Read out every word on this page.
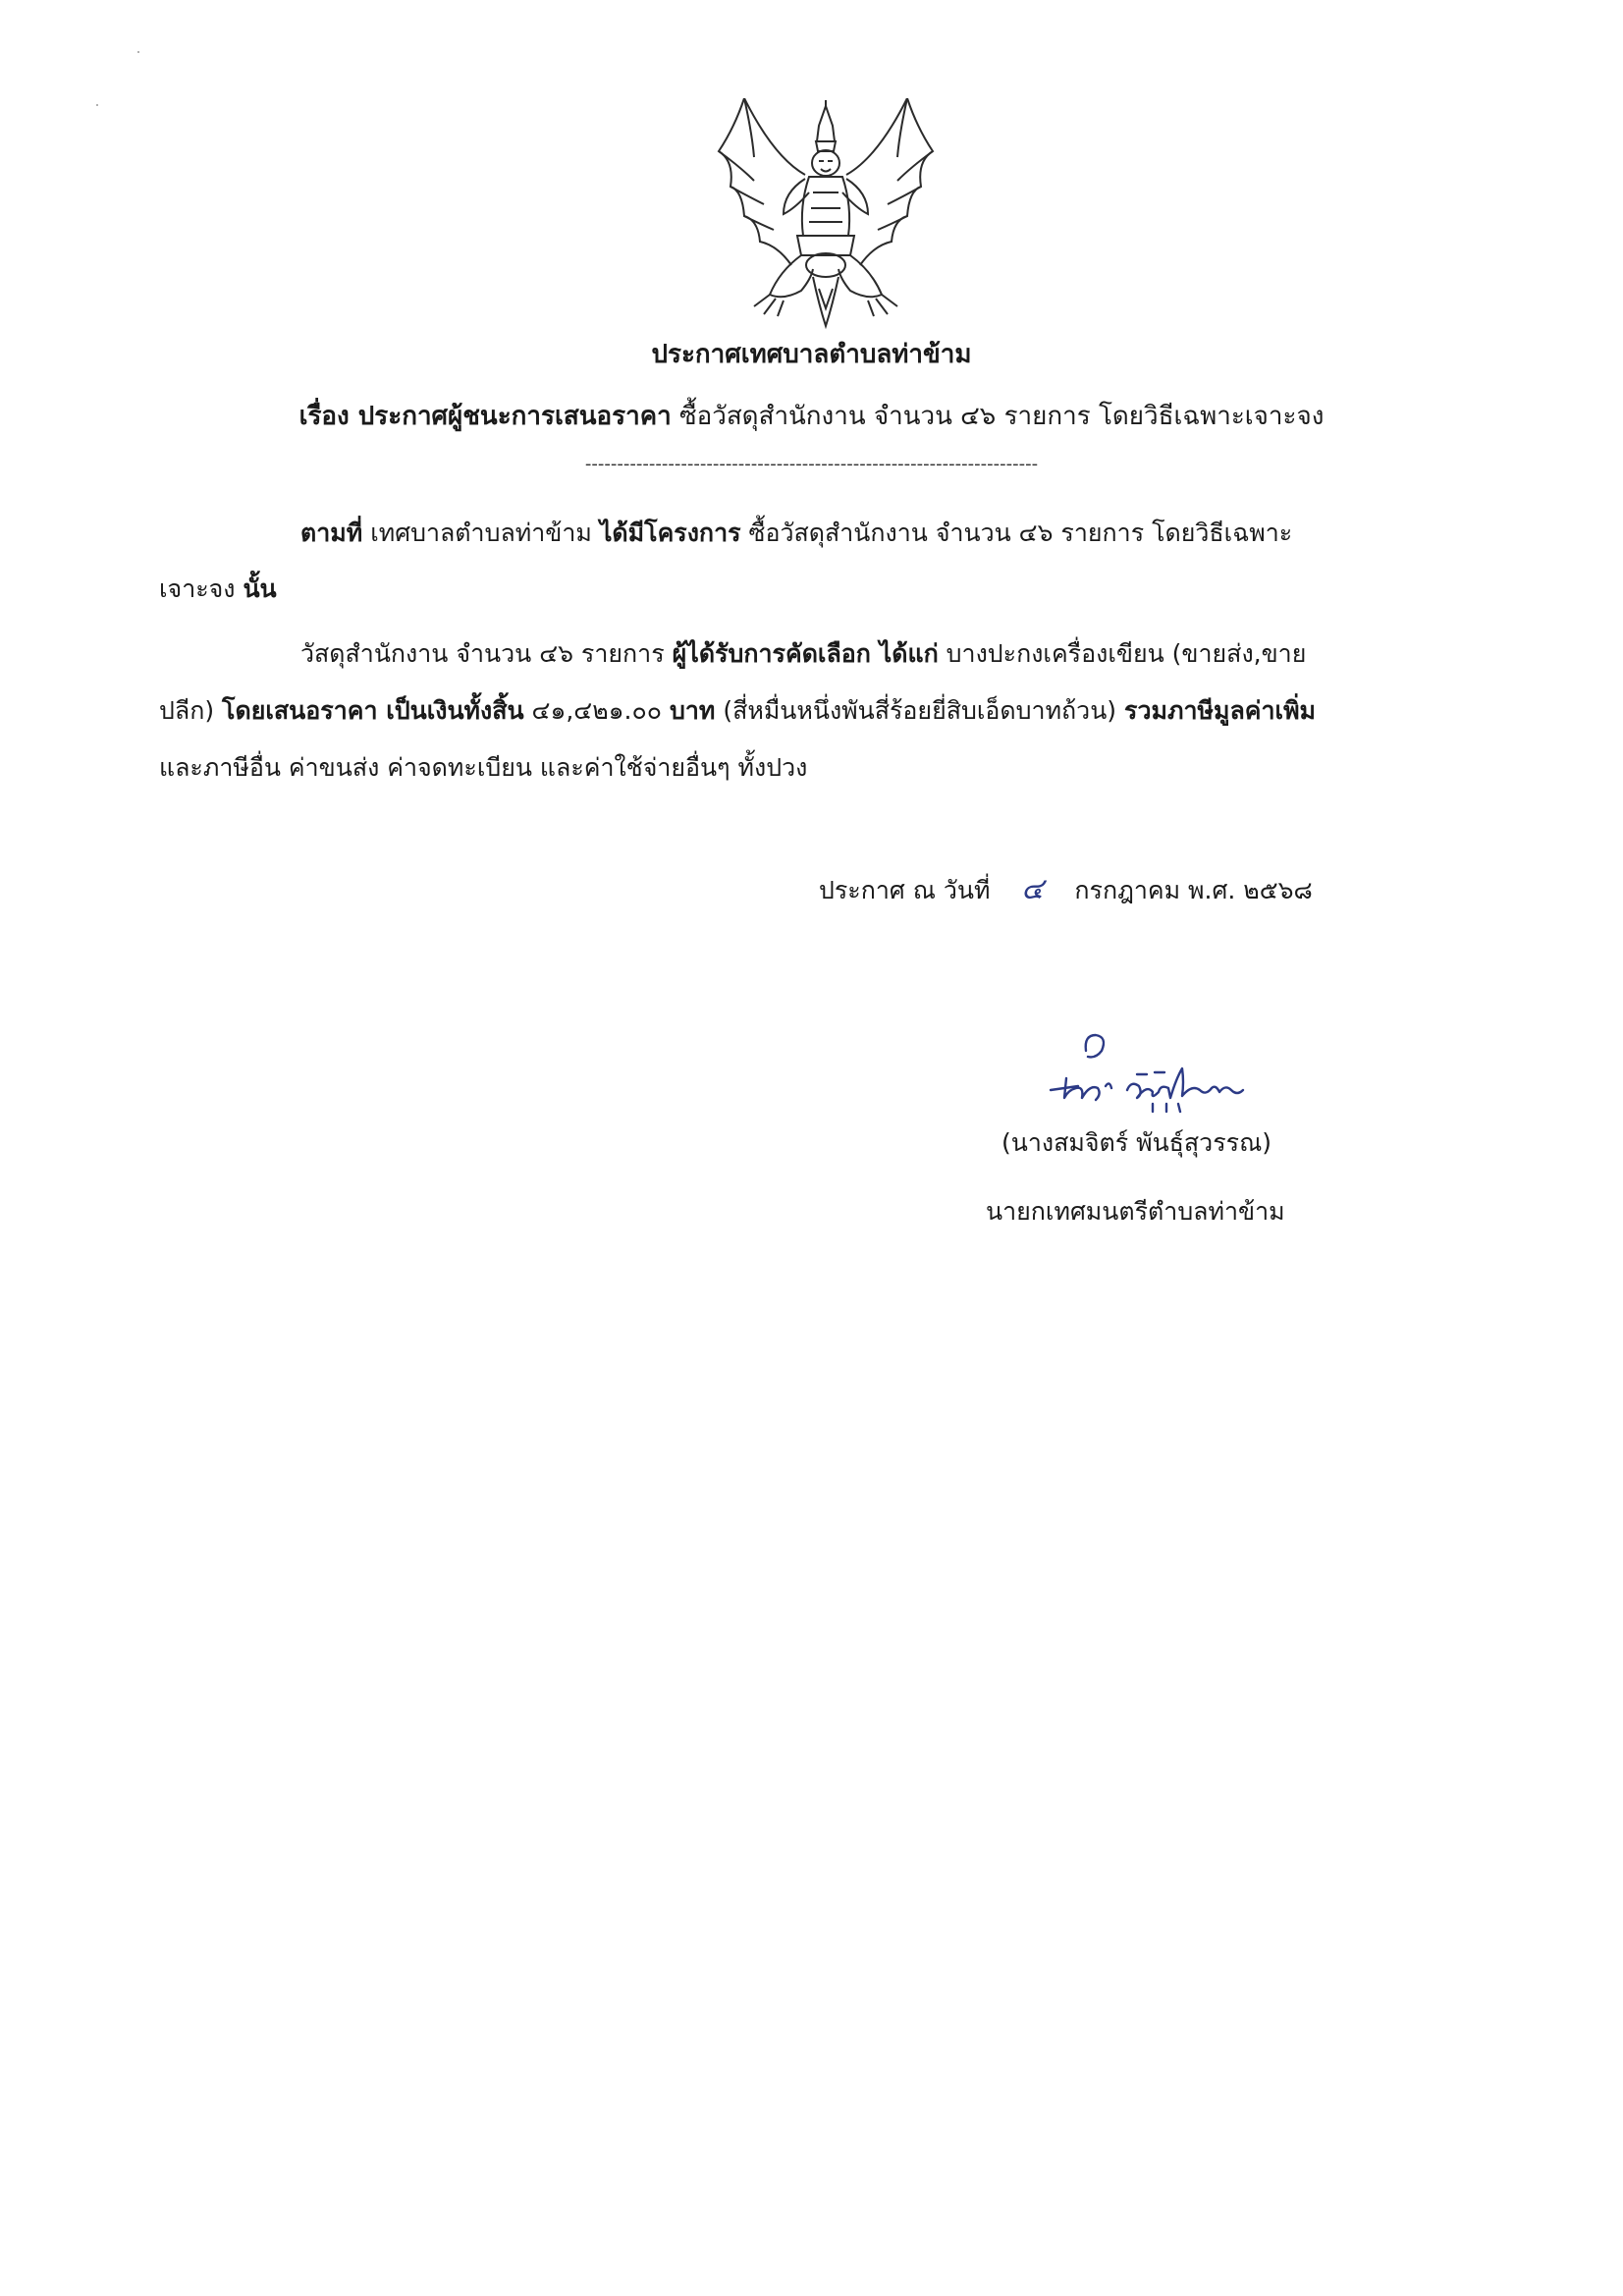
ประกาศเทศบาลตำบลท่าข้าม
เรื่อง ประกาศผู้ชนะการเสนอราคา ซื้อวัสดุสำนักงาน จำนวน ๔๖ รายการ โดยวิธีเฉพาะเจาะจง
-----------------------------------------------------------------------
ตามที่ เทศบาลตำบลท่าข้าม ได้มีโครงการ ซื้อวัสดุสำนักงาน จำนวน ๔๖ รายการ โดยวิธีเฉพาะ
เจาะจง นั้น
วัสดุสำนักงาน จำนวน ๔๖ รายการ ผู้ได้รับการคัดเลือก ได้แก่ บางปะกงเครื่องเขียน (ขายส่ง,ขาย
ปลีก) โดยเสนอราคา เป็นเงินทั้งสิ้น ๔๑,๔๒๑.๐๐ บาท (สี่หมื่นหนึ่งพันสี่ร้อยยี่สิบเอ็ดบาทถ้วน) รวมภาษีมูลค่าเพิ่ม
และภาษีอื่น ค่าขนส่ง ค่าจดทะเบียน และค่าใช้จ่ายอื่นๆ ทั้งปวง
ประกาศ ณ วันที่ ๔ กรกฎาคม พ.ศ. ๒๕๖๘
(นางสมจิตร์ พันธุ์สุวรรณ)
นายกเทศมนตรีตำบลท่าข้าม
